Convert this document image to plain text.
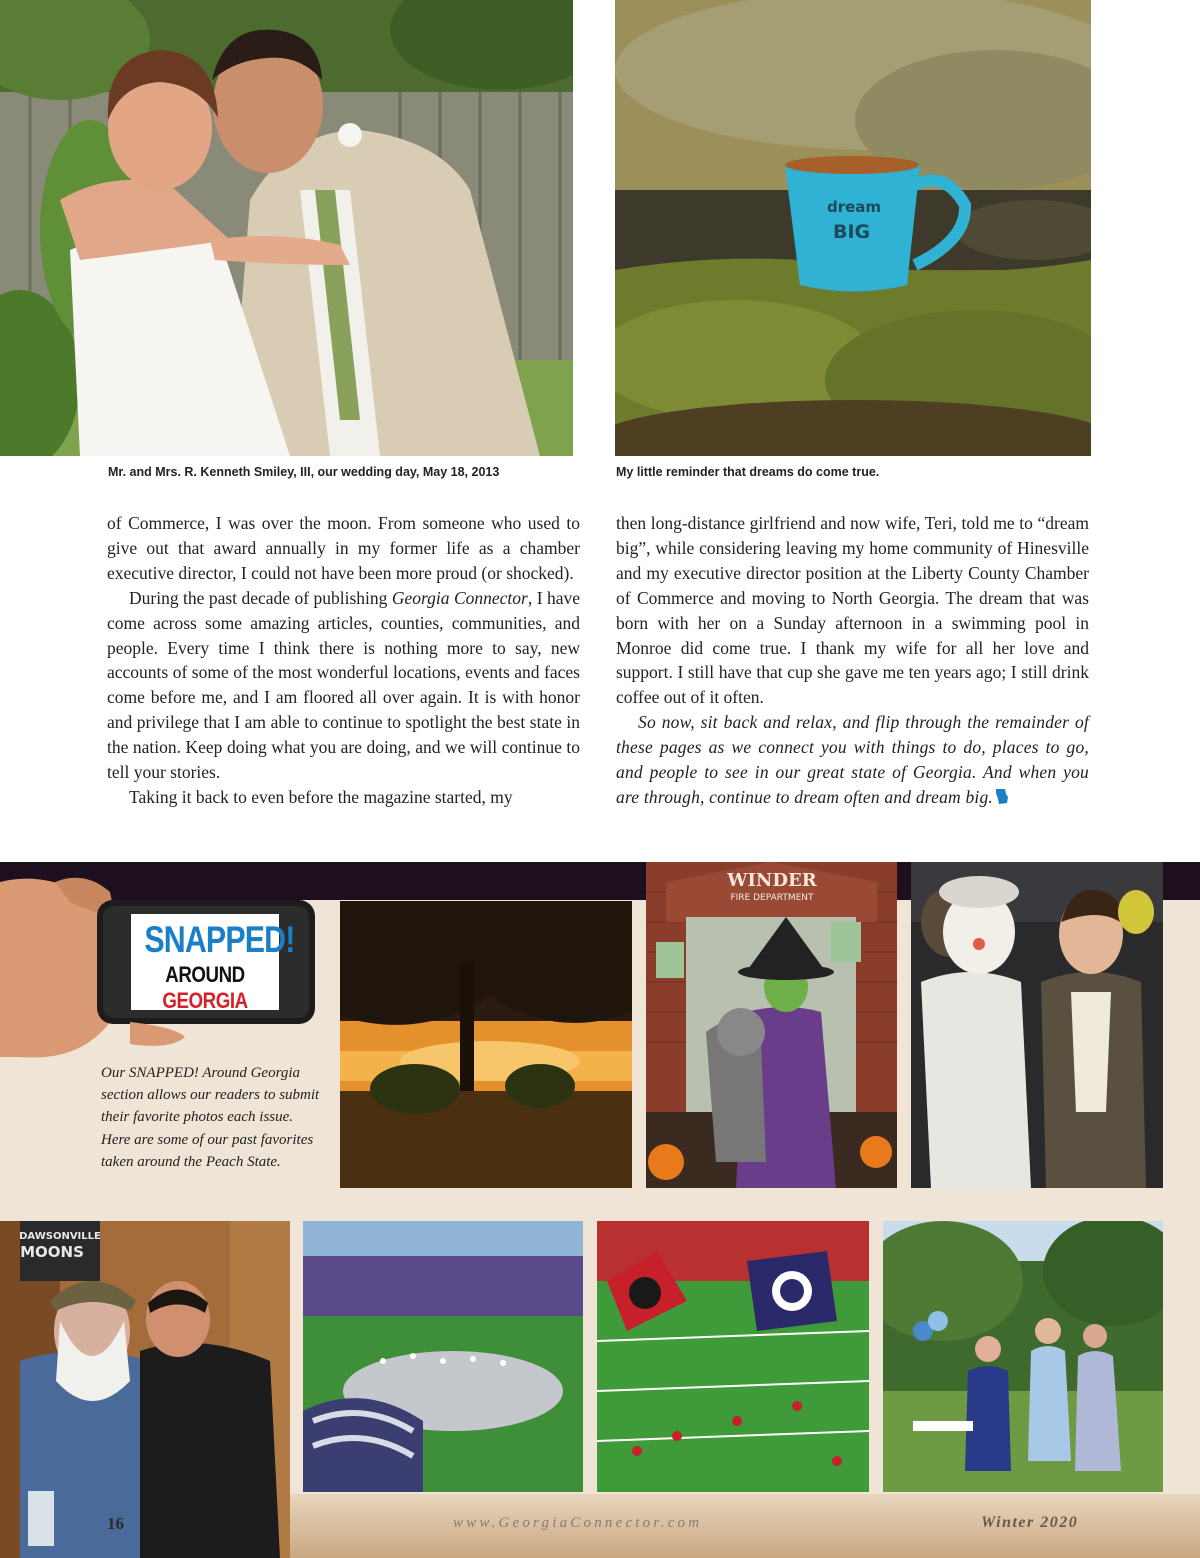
dream
BIG
Mr. and Mrs. R. Kenneth Smiley, III, our wedding day, May 18, 2013	My little reminder that dreams do come true.

of Commerce, I was over the moon. From someone who used to give out that award annually in my former life as a chamber executive director, I could not have been more proud (or shocked).

During the past decade of publishing Georgia Connector, I have come across some amazing articles, counties, communities, and people. Every time I think there is nothing more to say, new accounts of some of the most wonderful locations, events and faces come before me, and I am floored all over again. It is with honor and privilege that I am able to continue to spotlight the best state in the nation. Keep doing what you are doing, and we will continue to tell your stories.

Taking it back to even before the magazine started, my

then long-distance girlfriend and now wife, Teri, told me to “dream big”, while considering leaving my home community of Hinesville and my executive director position at the Liberty County Chamber of Commerce and moving to North Georgia. The dream that was born with her on a Sunday afternoon in a swimming pool in Monroe did come true. I thank my wife for all her love and support. I still have that cup she gave me ten years ago; I still drink coffee out of it often.

So now, sit back and relax, and flip through the remainder of these pages as we connect you with things to do, places to go, and people to see in our great state of Georgia. And when you are through, continue to dream often and dream big.

SNAPPED!
AROUND GEORGIA
Our SNAPPED! Around Georgia section allows our readers to submit their favorite photos each issue. Here are some of our past favorites taken around the Peach State.
WINDER
FIRE DEPARTMENT
DAWSONVILLE
MOONS
16	www.GeorgiaConnector.com	Winter 2020
